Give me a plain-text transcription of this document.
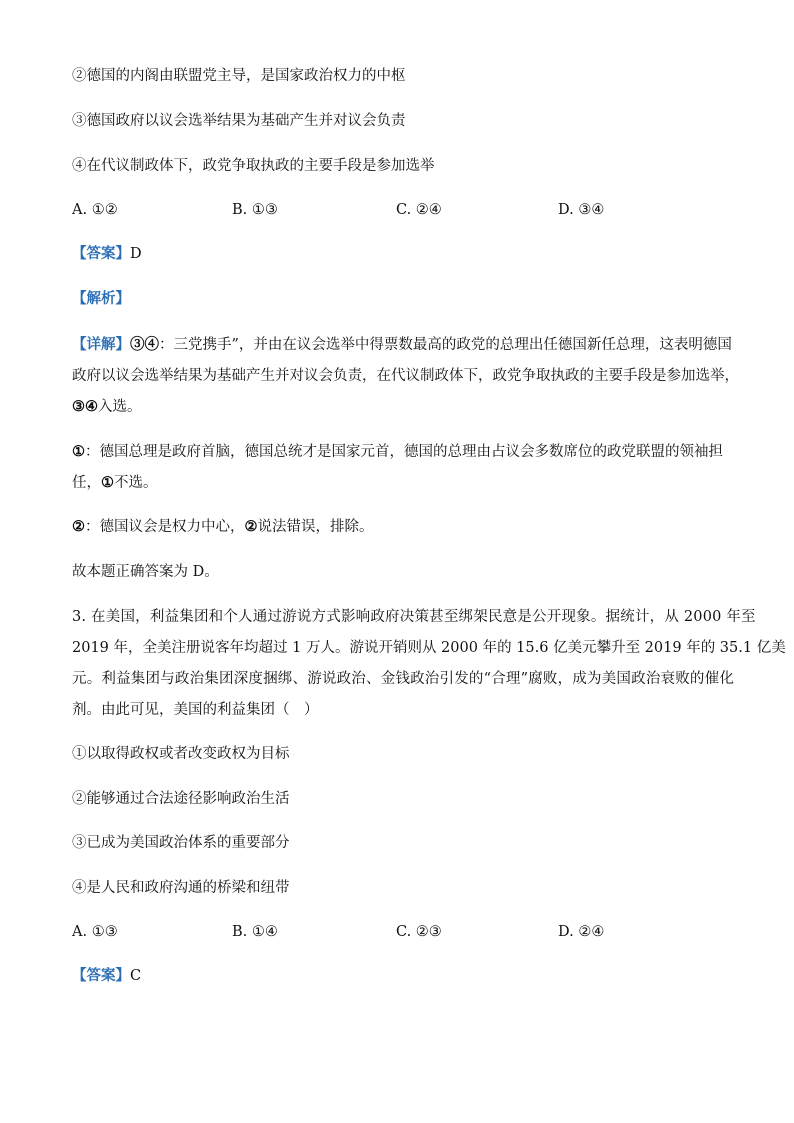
②德国的内阁由联盟党主导，是国家政治权力的中枢
③德国政府以议会选举结果为基础产生并对议会负责
④在代议制政体下，政党争取执政的主要手段是参加选举
A. ①②	B. ①③	C. ②④	D. ③④
【答案】D
【解析】
【详解】③④：三党携手”，并由在议会选举中得票数最高的政党的总理出任德国新任总理，这表明德国
政府以议会选举结果为基础产生并对议会负责，在代议制政体下，政党争取执政的主要手段是参加选举，
③④入选。
①：德国总理是政府首脑，德国总统才是国家元首，德国的总理由占议会多数席位的政党联盟的领袖担
任，①不选。
②：德国议会是权力中心，②说法错误，排除。
故本题正确答案为 D。
3. 在美国，利益集团和个人通过游说方式影响政府决策甚至绑架民意是公开现象。据统计，从 2000 年至
2019 年，全美注册说客年均超过 1 万人。游说开销则从 2000 年的 15.6 亿美元攀升至 2019 年的 35.1 亿美
元。利益集团与政治集团深度捆绑、游说政治、金钱政治引发的“合理”腐败，成为美国政治衰败的催化
剂。由此可见，美国的利益集团（　）
①以取得政权或者改变政权为目标
②能够通过合法途径影响政治生活
③已成为美国政治体系的重要部分
④是人民和政府沟通的桥梁和纽带
A. ①③	B. ①④	C. ②③	D. ②④
【答案】C
